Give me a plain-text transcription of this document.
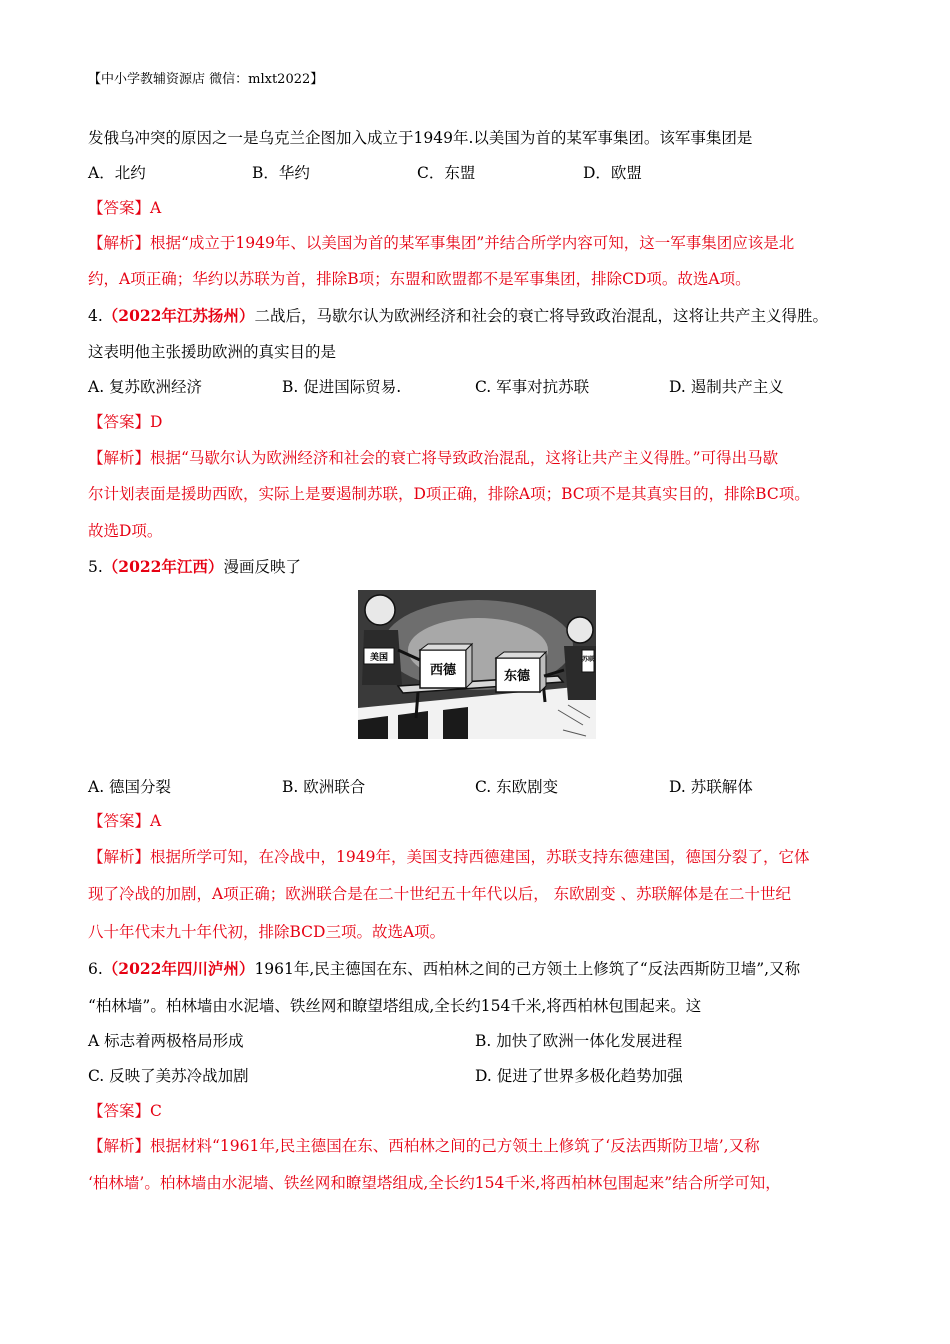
【中小学教辅资源店 微信：mlxt2022】
发俄乌冲突的原因之一是乌克兰企图加入成立于1949年.以美国为首的某军事集团。该军事集团是
A．北约	B．华约	C．东盟	D．欧盟
【答案】A
【解析】根据“成立于1949年、以美国为首的某军事集团”并结合所学内容可知，这一军事集团应该是北
约，A项正确；华约以苏联为首，排除B项；东盟和欧盟都不是军事集团，排除CD项。故选A项。
4.（2022年江苏扬州）二战后，马歇尔认为欧洲经济和社会的衰亡将导致政治混乱，这将让共产主义得胜。
这表明他主张援助欧洲的真实目的是
A. 复苏欧洲经济	B. 促进国际贸易.	C. 军事对抗苏联	D. 遏制共产主义
【答案】D
【解析】根据“马歇尔认为欧洲经济和社会的衰亡将导致政治混乱，这将让共产主义得胜。”可得出马歇
尔计划表面是援助西欧，实际上是要遏制苏联，D项正确，排除A项；BC项不是其真实目的，排除BC项。
故选D项。
5.（2022年江西）漫画反映了
西德	东德
美国	苏联
A. 德国分裂	B. 欧洲联合	C. 东欧剧变	D. 苏联解体
【答案】A
【解析】根据所学可知，在冷战中，1949年，美国支持西德建国，苏联支持东德建国，德国分裂了，它体
现了冷战的加剧，A项正确；欧洲联合是在二十世纪五十年代以后， 东欧剧变 、苏联解体是在二十世纪
八十年代末九十年代初，排除BCD三项。故选A项。
6.（2022年四川泸州）1961年,民主德国在东、西柏林之间的己方领土上修筑了“反法西斯防卫墙”,又称
“柏林墙”。柏林墙由水泥墙、铁丝网和瞭望塔组成,全长约154千米,将西柏林包围起来。这
A 标志着两极格局形成	B. 加快了欧洲一体化发展进程
C. 反映了美苏冷战加剧	D. 促进了世界多极化趋势加强
【答案】C
【解析】根据材料“1961年,民主德国在东、西柏林之间的己方领土上修筑了‘反法西斯防卫墙’,又称
‘柏林墙’。柏林墙由水泥墙、铁丝网和瞭望塔组成,全长约154千米,将西柏林包围起来”结合所学可知，
